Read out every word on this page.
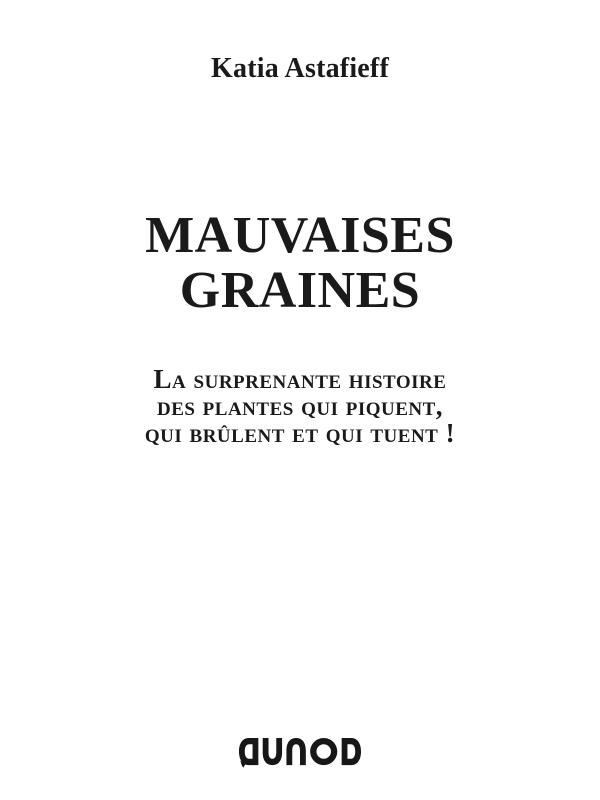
Katia Astafieff
MAUVAISES
GRAINES
La surprenante histoire
des plantes qui piquent,
qui brûlent et qui tuent !
